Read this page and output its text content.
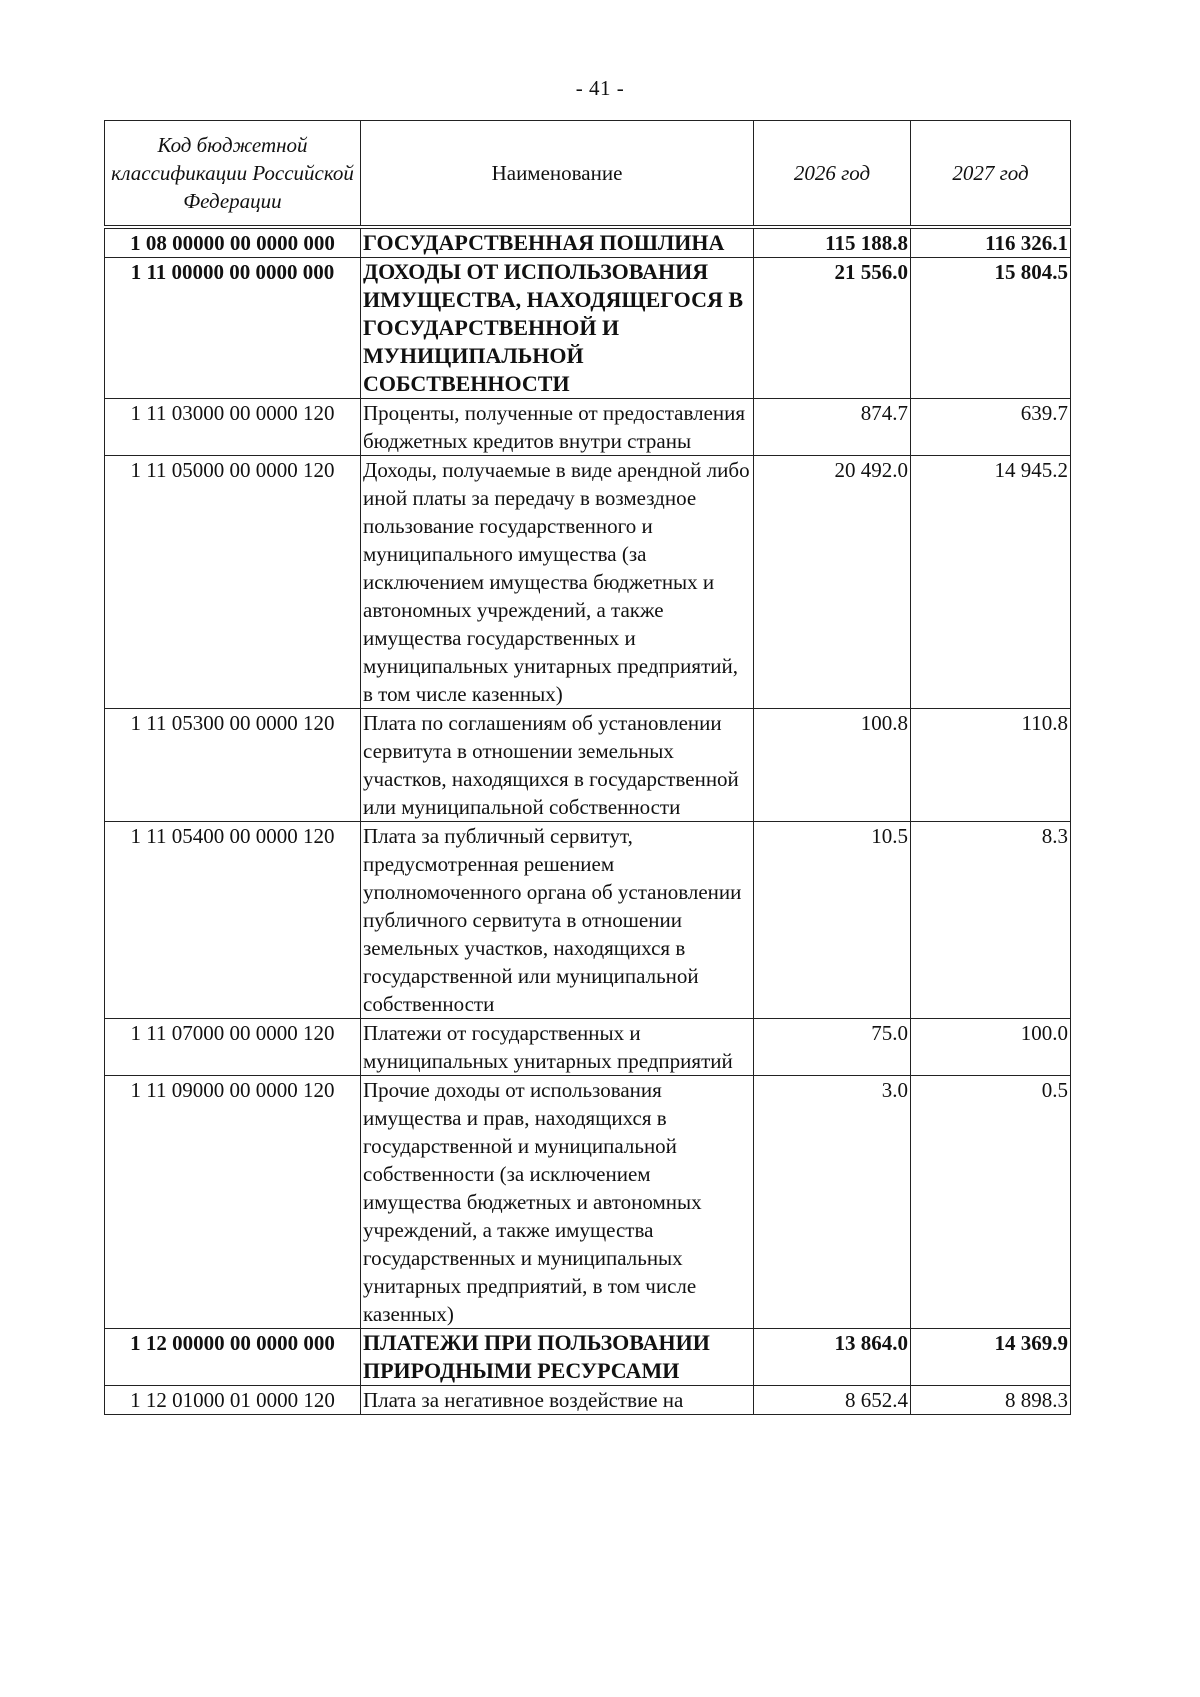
- 41 -
Код бюджетной классификации Российской Федерации	Наименование	2026 год	2027 год
1 08 00000 00 0000 000	ГОСУДАРСТВЕННАЯ ПОШЛИНА	115 188.8	116 326.1
1 11 00000 00 0000 000	ДОХОДЫ ОТ ИСПОЛЬЗОВАНИЯ ИМУЩЕСТВА, НАХОДЯЩЕГОСЯ В ГОСУДАРСТВЕННОЙ И МУНИЦИПАЛЬНОЙ СОБСТВЕННОСТИ	21 556.0	15 804.5
1 11 03000 00 0000 120	Проценты, полученные от предоставления бюджетных кредитов внутри страны	874.7	639.7
1 11 05000 00 0000 120	Доходы, получаемые в виде арендной либо иной платы за передачу в возмездное пользование государственного и муниципального имущества (за исключением имущества бюджетных и автономных учреждений, а также имущества государственных и муниципальных унитарных предприятий, в том числе казенных)	20 492.0	14 945.2
1 11 05300 00 0000 120	Плата по соглашениям об установлении сервитута в отношении земельных участков, находящихся в государственной или муниципальной собственности	100.8	110.8
1 11 05400 00 0000 120	Плата за публичный сервитут, предусмотренная решением уполномоченного органа об установлении публичного сервитута в отношении земельных участков, находящихся в государственной или муниципальной собственности	10.5	8.3
1 11 07000 00 0000 120	Платежи от государственных и муниципальных унитарных предприятий	75.0	100.0
1 11 09000 00 0000 120	Прочие доходы от использования имущества и прав, находящихся в государственной и муниципальной собственности (за исключением имущества бюджетных и автономных учреждений, а также имущества государственных и муниципальных унитарных предприятий, в том числе казенных)	3.0	0.5
1 12 00000 00 0000 000	ПЛАТЕЖИ ПРИ ПОЛЬЗОВАНИИ ПРИРОДНЫМИ РЕСУРСАМИ	13 864.0	14 369.9
1 12 01000 01 0000 120	Плата за негативное воздействие на	8 652.4	8 898.3
